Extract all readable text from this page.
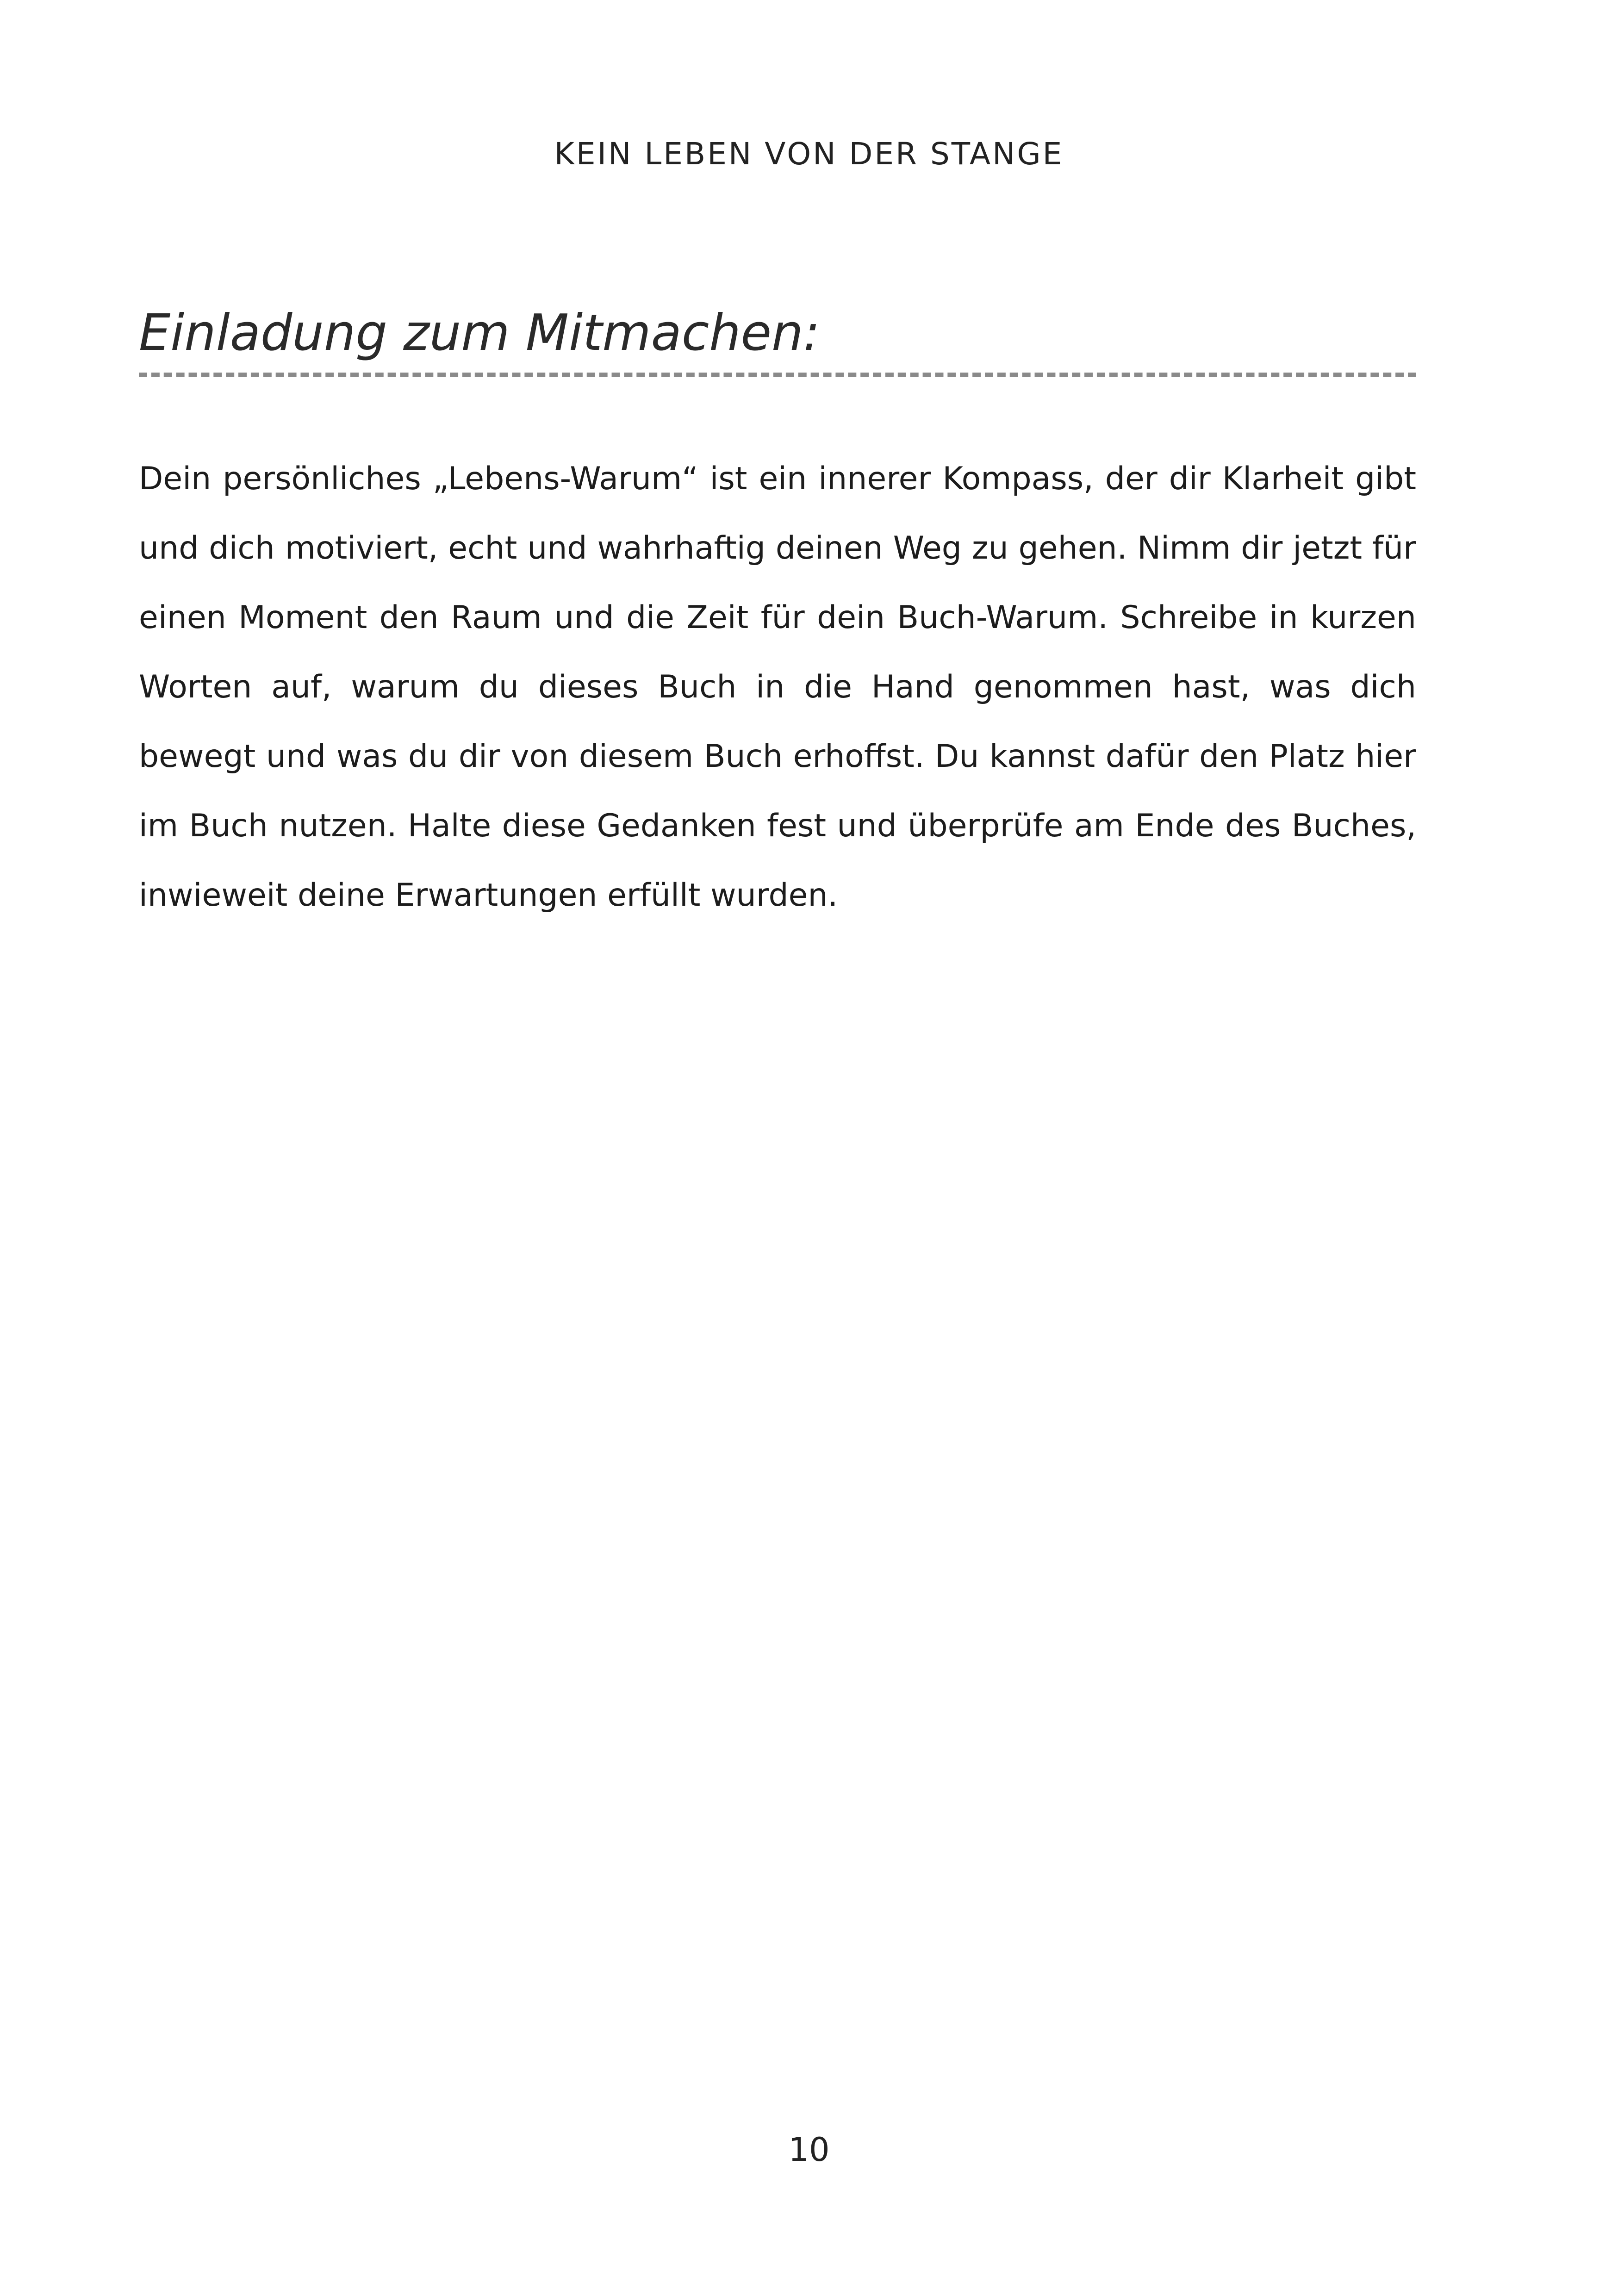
KEIN LEBEN VON DER STANGE
Einladung zum Mitmachen:

Dein persönliches „Lebens-Warum“ ist ein innerer Kompass, der dir Klarheit gibt und dich motiviert, echt und wahrhaftig deinen Weg zu gehen. Nimm dir jetzt für einen Moment den Raum und die Zeit für dein Buch-Warum. Schreibe in kurzen Worten auf, warum du dieses Buch in die Hand genommen hast, was dich bewegt und was du dir von diesem Buch erhoffst. Du kannst dafür den Platz hier im Buch nutzen. Halte diese Gedanken fest und überprüfe am Ende des Buches, inwieweit deine Erwartungen erfüllt wurden.

10
